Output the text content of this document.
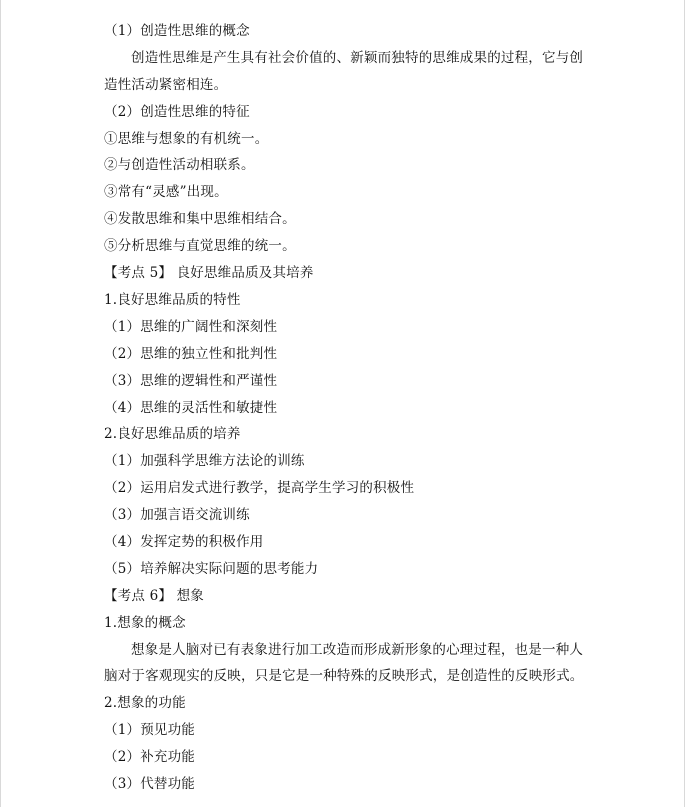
（1）创造性思维的概念
创造性思维是产生具有社会价值的、新颖而独特的思维成果的过程，它与创造性活动紧密相连。
（2）创造性思维的特征
①思维与想象的有机统一。
②与创造性活动相联系。
③常有“灵感”出现。
④发散思维和集中思维相结合。
⑤分析思维与直觉思维的统一。
【考点 5】 良好思维品质及其培养
1.良好思维品质的特性
（1）思维的广阔性和深刻性
（2）思维的独立性和批判性
（3）思维的逻辑性和严谨性
（4）思维的灵活性和敏捷性
2.良好思维品质的培养
（1）加强科学思维方法论的训练
（2）运用启发式进行教学，提高学生学习的积极性
（3）加强言语交流训练
（4）发挥定势的积极作用
（5）培养解决实际问题的思考能力
【考点 6】 想象
1.想象的概念
想象是人脑对已有表象进行加工改造而形成新形象的心理过程，也是一种人脑对于客观现实的反映，只是它是一种特殊的反映形式，是创造性的反映形式。
2.想象的功能
（1）预见功能
（2）补充功能
（3）代替功能
